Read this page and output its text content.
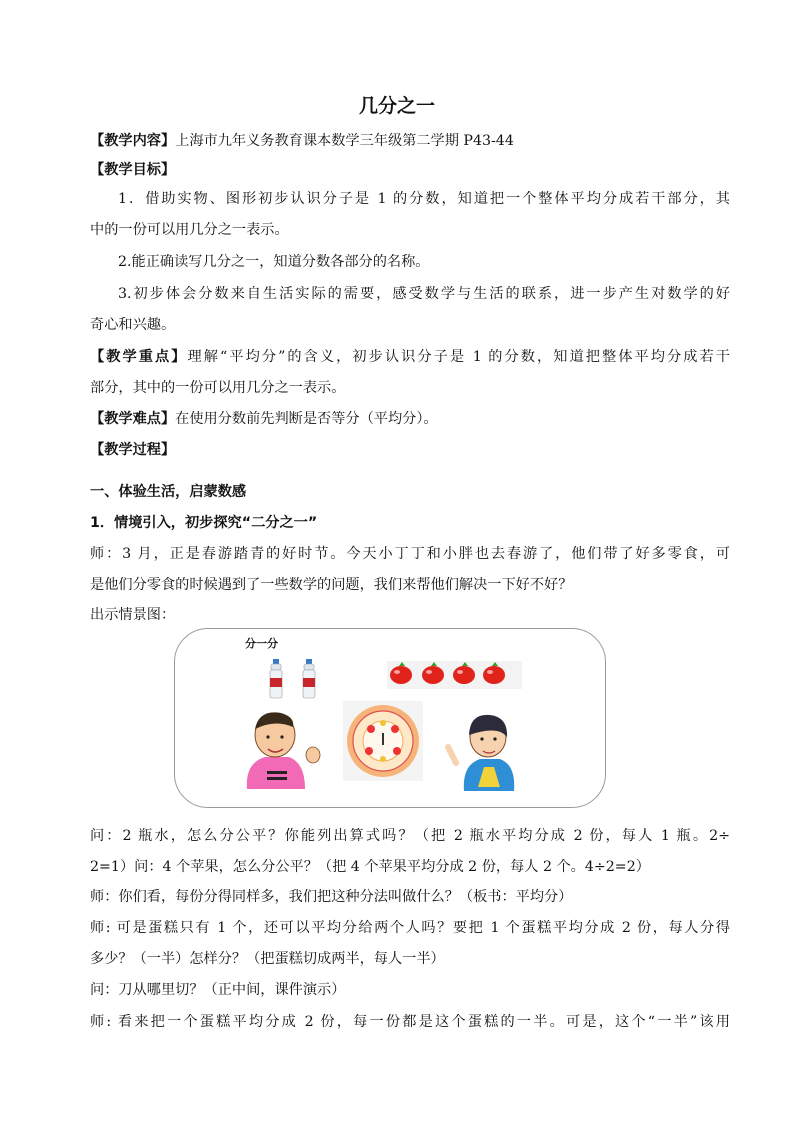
几分之一
【教学内容】上海市九年义务教育课本数学三年级第二学期 P43-44
【教学目标】
1．借助实物、图形初步认识分子是 1 的分数，知道把一个整体平均分成若干部分，其
中的一份可以用几分之一表示。
2.能正确读写几分之一，知道分数各部分的名称。
3.初步体会分数来自生活实际的需要，感受数学与生活的联系，进一步产生对数学的好
奇心和兴趣。
【教学重点】理解“平均分”的含义，初步认识分子是 1 的分数，知道把整体平均分成若干
部分，其中的一份可以用几分之一表示。
【教学难点】在使用分数前先判断是否等分（平均分）。
【教学过程】
一、体验生活，启蒙数感
1．情境引入，初步探究“二分之一”
师：3 月，正是春游踏青的好时节。今天小丁丁和小胖也去春游了，他们带了好多零食，可
是他们分零食的时候遇到了一些数学的问题，我们来帮他们解决一下好不好？
出示情景图：
分一分
问：2 瓶水，怎么分公平？你能列出算式吗？（把 2 瓶水平均分成 2 份，每人 1 瓶。2÷
2=1）问：4 个苹果，怎么分公平？（把 4 个苹果平均分成 2 份，每人 2 个。4÷2=2）
师：你们看，每份分得同样多，我们把这种分法叫做什么？（板书：平均分）
师: 可是蛋糕只有 1 个，还可以平均分给两个人吗？要把 1 个蛋糕平均分成 2 份，每人分得
多少？（一半）怎样分？（把蛋糕切成两半，每人一半）
问：刀从哪里切？（正中间，课件演示）
师: 看来把一个蛋糕平均分成 2 份，每一份都是这个蛋糕的一半。可是，这个“一半”该用
